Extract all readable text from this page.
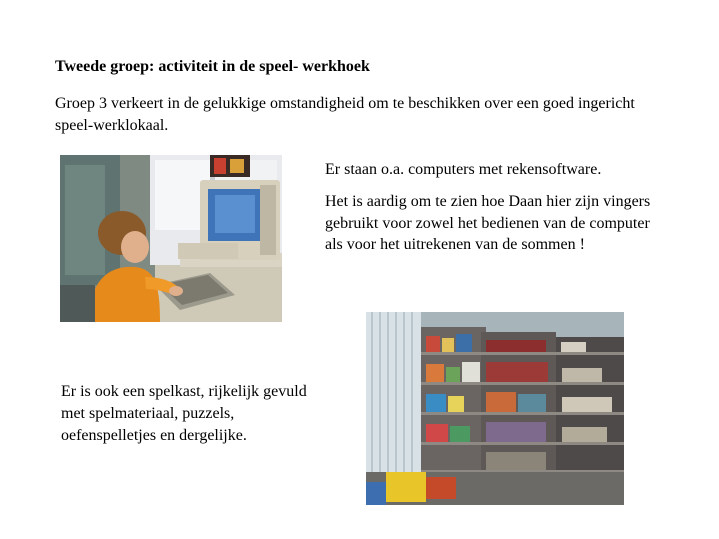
Tweede groep: activiteit in de speel- werkhoek
Groep 3 verkeert in de gelukkige omstandigheid om te beschikken over een goed ingericht speel-werklokaal.

Er staan o.a. computers met rekensoftware.

Het is aardig om te zien hoe Daan hier zijn vingers gebruikt voor zowel het bedienen van de computer als voor het uitrekenen van de sommen !

Er is ook een spelkast, rijkelijk gevuld met spelmateriaal, puzzels, oefenspelletjes en dergelijke.
